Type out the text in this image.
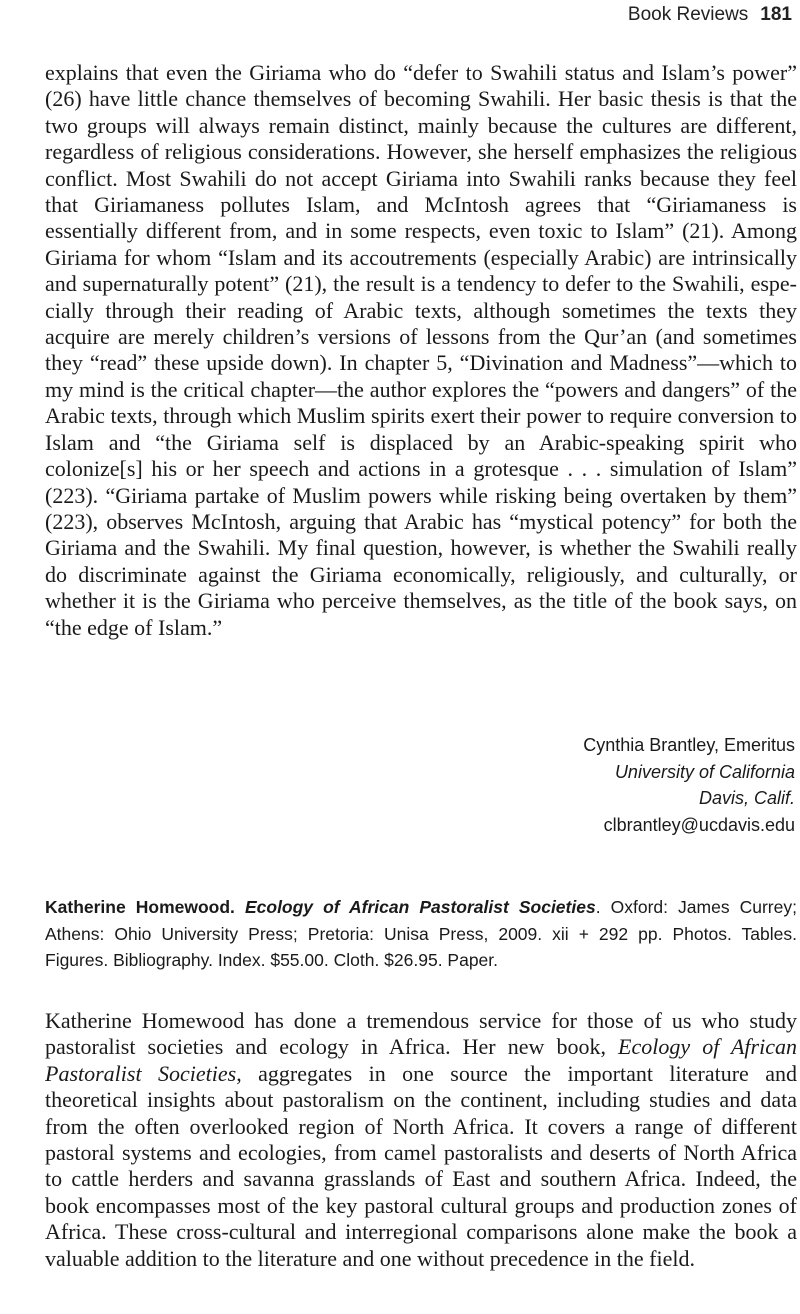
Book Reviews 181

explains that even the Giriama who do “defer to Swahili status and Islam’s power” (26) have little chance themselves of becoming Swahili. Her basic thesis is that the two groups will always remain distinct, mainly because the cultures are different, regardless of religious considerations. However, she herself emphasizes the religious conflict. Most Swahili do not accept Giriama into Swahili ranks because they feel that Giriamaness pollutes Islam, and McIntosh agrees that “Giriamaness is essentially different from, and in some respects, even toxic to Islam” (21). Among Giriama for whom “Islam and its accoutrements (especially Arabic) are intrinsically and supernaturally potent” (21), the result is a tendency to defer to the Swahili, especially through their reading of Arabic texts, although sometimes the texts they acquire are merely children’s versions of lessons from the Qur’an (and sometimes they “read” these upside down). In chapter 5, “Divination and Madness”—which to my mind is the critical chapter—the author explores the “powers and dangers” of the Arabic texts, through which Muslim spirits exert their power to require conversion to Islam and “the Giriama self is displaced by an Arabic-speaking spirit who colonize[s] his or her speech and actions in a grotesque . . . simulation of Islam” (223). “Giriama partake of Muslim powers while risking being overtaken by them” (223), observes McIntosh, arguing that Arabic has “mystical potency” for both the Giriama and the Swahili. My final question, however, is whether the Swahili really do discriminate against the Giriama economically, religiously, and culturally, or whether it is the Giriama who perceive themselves, as the title of the book says, on “the edge of Islam.”

Cynthia Brantley, Emeritus
University of California
Davis, Calif.
clbrantley@ucdavis.edu

Katherine Homewood. Ecology of African Pastoralist Societies. Oxford: James Currey; Athens: Ohio University Press; Pretoria: Unisa Press, 2009. xii + 292 pp. Photos. Tables. Figures. Bibliography. Index. $55.00. Cloth. $26.95. Paper.

Katherine Homewood has done a tremendous service for those of us who study pastoralist societies and ecology in Africa. Her new book, Ecology of African Pastoralist Societies, aggregates in one source the important literature and theoretical insights about pastoralism on the continent, including studies and data from the often overlooked region of North Africa. It covers a range of different pastoral systems and ecologies, from camel pastoralists and deserts of North Africa to cattle herders and savanna grasslands of East and southern Africa. Indeed, the book encompasses most of the key pastoral cultural groups and production zones of Africa. These cross-cultural and interregional comparisons alone make the book a valuable addition to the literature and one without precedence in the field.
